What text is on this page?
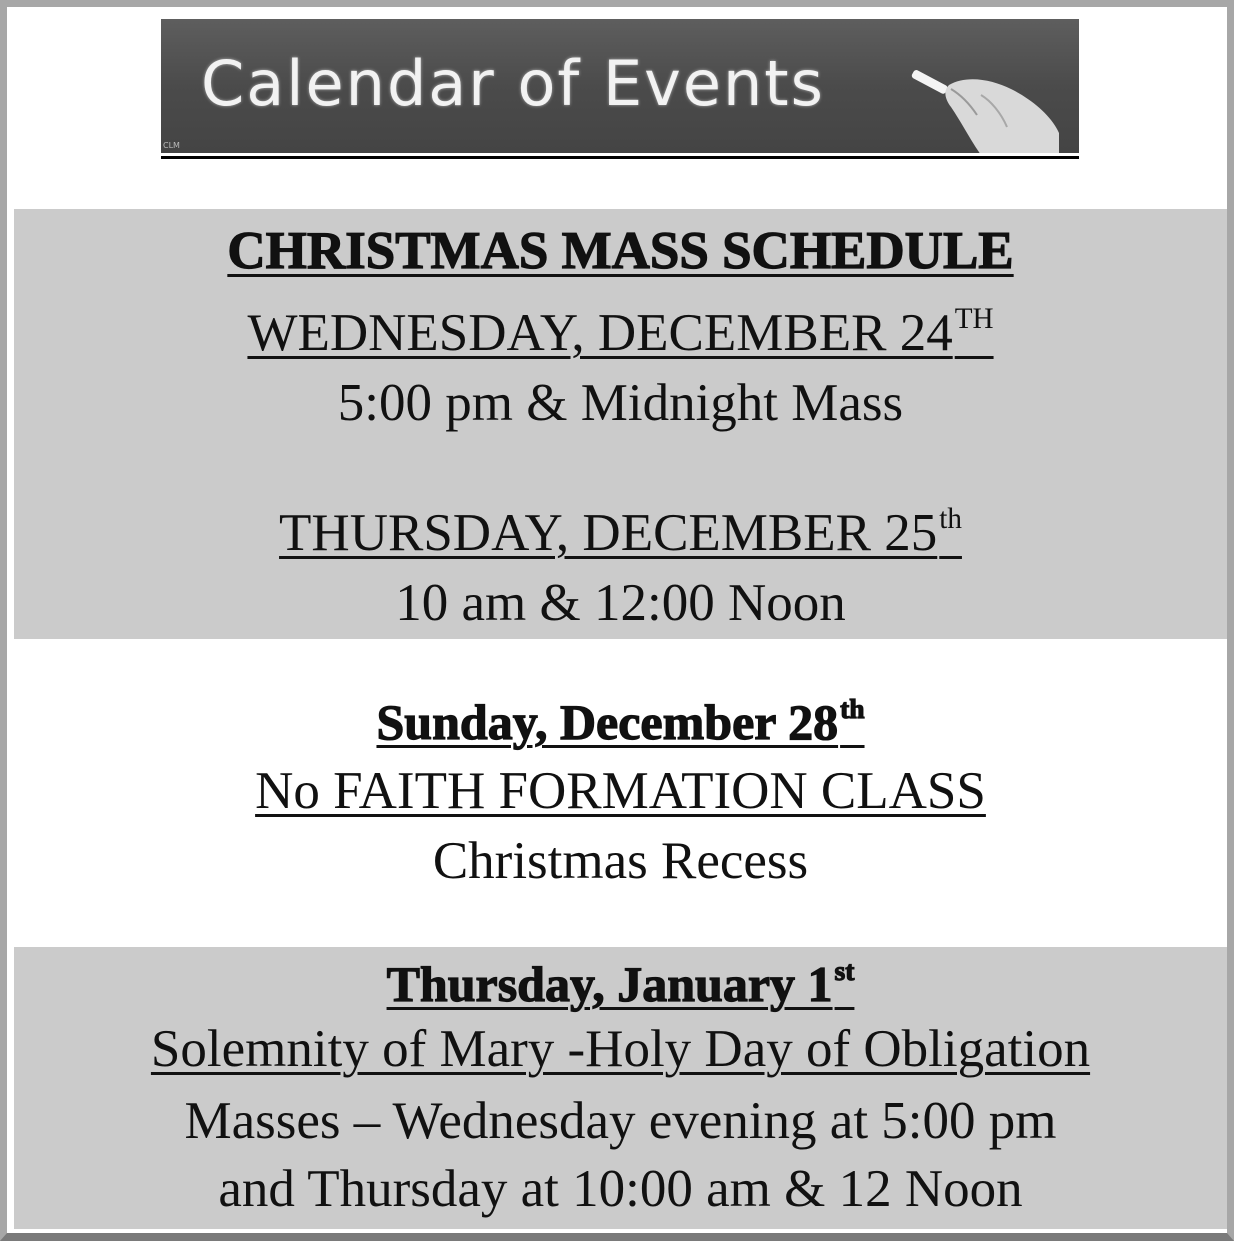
Calendar of Events
CLM
CHRISTMAS MASS SCHEDULE
WEDNESDAY, DECEMBER 24TH
5:00 pm & Midnight Mass
THURSDAY, DECEMBER 25th
10 am & 12:00 Noon
Sunday, December 28th
No FAITH FORMATION CLASS
Christmas Recess
Thursday, January 1st
Solemnity of Mary -Holy Day of Obligation
Masses – Wednesday evening at 5:00 pm
and Thursday at 10:00 am & 12 Noon
